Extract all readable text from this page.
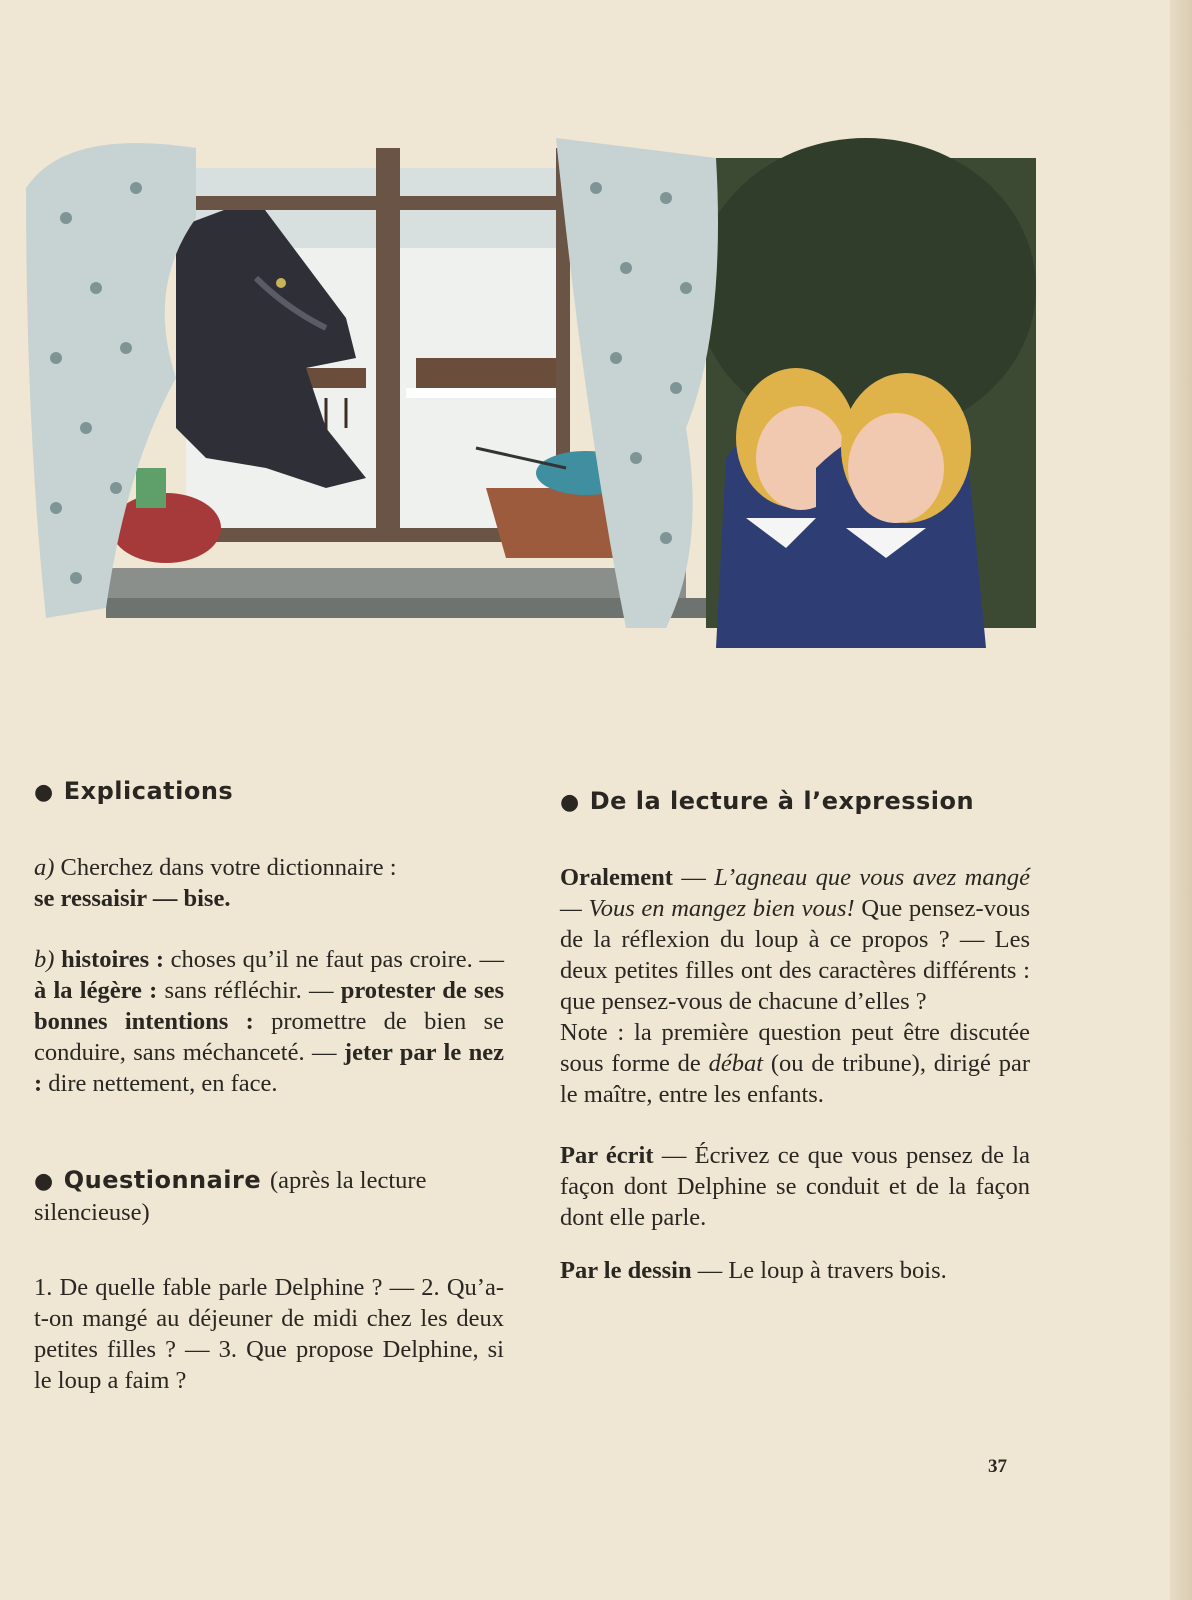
● Explications

a) Cherchez dans votre dictionnaire :
se ressaisir — bise.

b) histoires : choses qu’il ne faut pas croire. — à la légère : sans réfléchir. — protester de ses bonnes intentions : promettre de bien se conduire, sans méchanceté. — jeter par le nez : dire nettement, en face.

● Questionnaire (après la lecture silencieuse)

1. De quelle fable parle Delphine ? — 2. Qu’a-t-on mangé au déjeuner de midi chez les deux petites filles ? — 3. Que propose Delphine, si le loup a faim ?

● De la lecture à l’expression

Oralement — L’agneau que vous avez mangé — Vous en mangez bien vous! Que pensez-vous de la réflexion du loup à ce propos ? — Les deux petites filles ont des caractères différents : que pensez-vous de chacune d’elles ?

Note : la première question peut être discutée sous forme de débat (ou de tribune), dirigé par le maître, entre les enfants.

Par écrit — Écrivez ce que vous pensez de la façon dont Delphine se conduit et de la façon dont elle parle.

Par le dessin — Le loup à travers bois.

37
